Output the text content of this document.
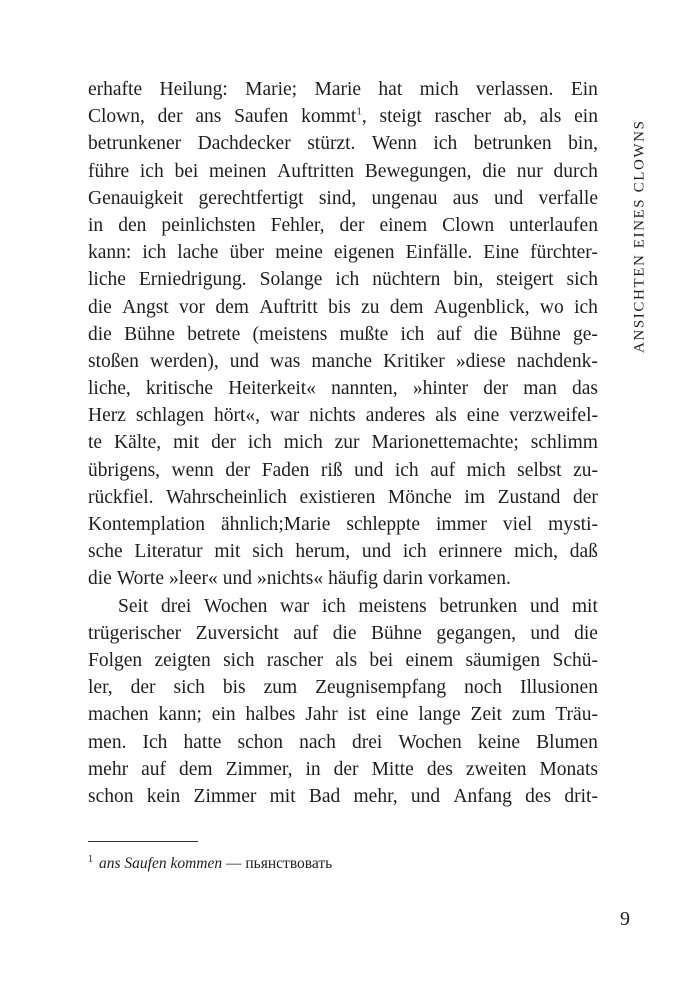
ANSICHTEN EINES CLOWNS
erhafte Heilung: Marie; Marie hat mich verlassen. Ein
Clown, der ans Saufen kommt$^1$, steigt rascher ab, als ein
betrunkener Dachdecker stürzt. Wenn ich betrunken bin,
führe ich bei meinen Auftritten Bewegungen, die nur durch
Genauigkeit gerechtfertigt sind, ungenau aus und verfalle
in den peinlichsten Fehler, der einem Clown unterlaufen
kann: ich lache über meine eigenen Einfälle. Eine fürchter-
liche Erniedrigung. Solange ich nüchtern bin, steigert sich
die Angst vor dem Auftritt bis zu dem Augenblick, wo ich
die Bühne betrete (meistens mußte ich auf die Bühne ge-
stoßen werden), und was manche Kritiker »diese nachdenk-
liche, kritische Heiterkeit« nannten, »hinter der man das
Herz schlagen hört«, war nichts anderes als eine verzweifel-
te Kälte, mit der ich mich zur Marionettemachte; schlimm
übrigens, wenn der Faden riß und ich auf mich selbst zu-
rückfiel. Wahrscheinlich existieren Mönche im Zustand der
Kontemplation ähnlich;Marie schleppte immer viel mysti-
sche Literatur mit sich herum, und ich erinnere mich, daß
die Worte »leer« und »nichts« häufig darin vorkamen.
Seit drei Wochen war ich meistens betrunken und mit
trügerischer Zuversicht auf die Bühne gegangen, und die
Folgen zeigten sich rascher als bei einem säumigen Schü-
ler, der sich bis zum Zeugnisempfang noch Illusionen
machen kann; ein halbes Jahr ist eine lange Zeit zum Träu-
men. Ich hatte schon nach drei Wochen keine Blumen
mehr auf dem Zimmer, in der Mitte des zweiten Monats
schon kein Zimmer mit Bad mehr, und Anfang des drit-
$^1$ ans Saufen kommen — пьянствовать
9
